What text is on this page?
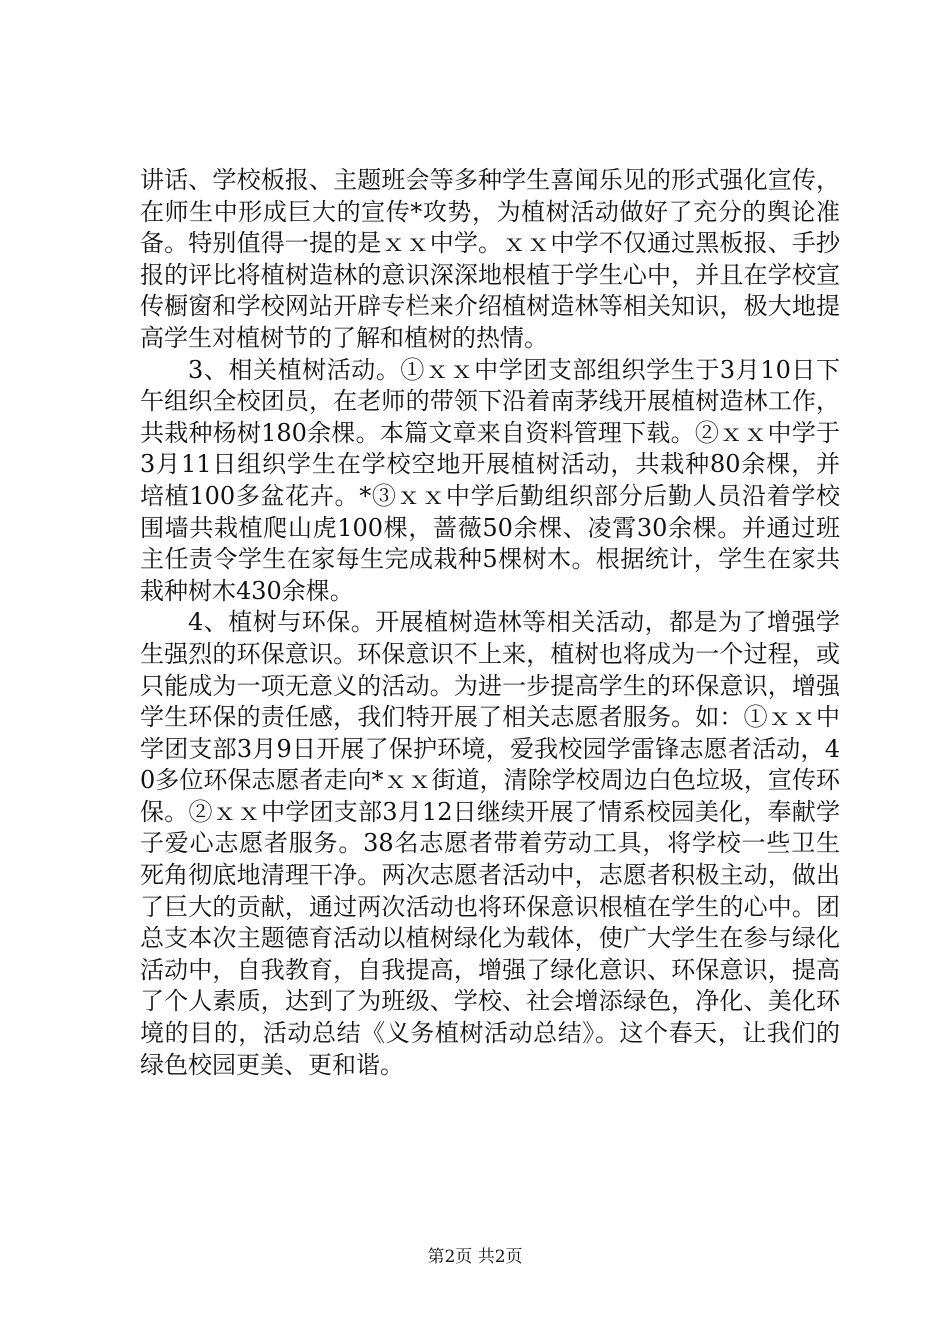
讲话、学校板报、主题班会等多种学生喜闻乐见的形式强化宣传，在师生中形成巨大的宣传*攻势，为植树活动做好了充分的舆论准备。特别值得一提的是ｘｘ中学。ｘｘ中学不仅通过黑板报、手抄报的评比将植树造林的意识深深地根植于学生心中，并且在学校宣传橱窗和学校网站开辟专栏来介绍植树造林等相关知识，极大地提高学生对植树节的了解和植树的热情。

3、相关植树活动。①ｘｘ中学团支部组织学生于3月10日下午组织全校团员，在老师的带领下沿着南茅线开展植树造林工作，共栽种杨树180余棵。本篇文章来自资料管理下载。②ｘｘ中学于3月11日组织学生在学校空地开展植树活动，共栽种80余棵，并培植100多盆花卉。*③ｘｘ中学后勤组织部分后勤人员沿着学校围墙共栽植爬山虎100棵，蔷薇50余棵、凌霄30余棵。并通过班主任责令学生在家每生完成栽种5棵树木。根据统计，学生在家共栽种树木430余棵。

4、植树与环保。开展植树造林等相关活动，都是为了增强学生强烈的环保意识。环保意识不上来，植树也将成为一个过程，或只能成为一项无意义的活动。为进一步提高学生的环保意识，增强学生环保的责任感，我们特开展了相关志愿者服务。如：①ｘｘ中学团支部3月9日开展了保护环境，爱我校园学雷锋志愿者活动，40多位环保志愿者走向*ｘｘ街道，清除学校周边白色垃圾，宣传环保。②ｘｘ中学团支部3月12日继续开展了情系校园美化，奉献学子爱心志愿者服务。38名志愿者带着劳动工具，将学校一些卫生死角彻底地清理干净。两次志愿者活动中，志愿者积极主动，做出了巨大的贡献，通过两次活动也将环保意识根植在学生的心中。团总支本次主题德育活动以植树绿化为载体，使广大学生在参与绿化活动中，自我教育，自我提高，增强了绿化意识、环保意识，提高了个人素质，达到了为班级、学校、社会增添绿色，净化、美化环境的目的，活动总结《义务植树活动总结》。这个春天，让我们的绿色校园更美、更和谐。

第2页 共2页
